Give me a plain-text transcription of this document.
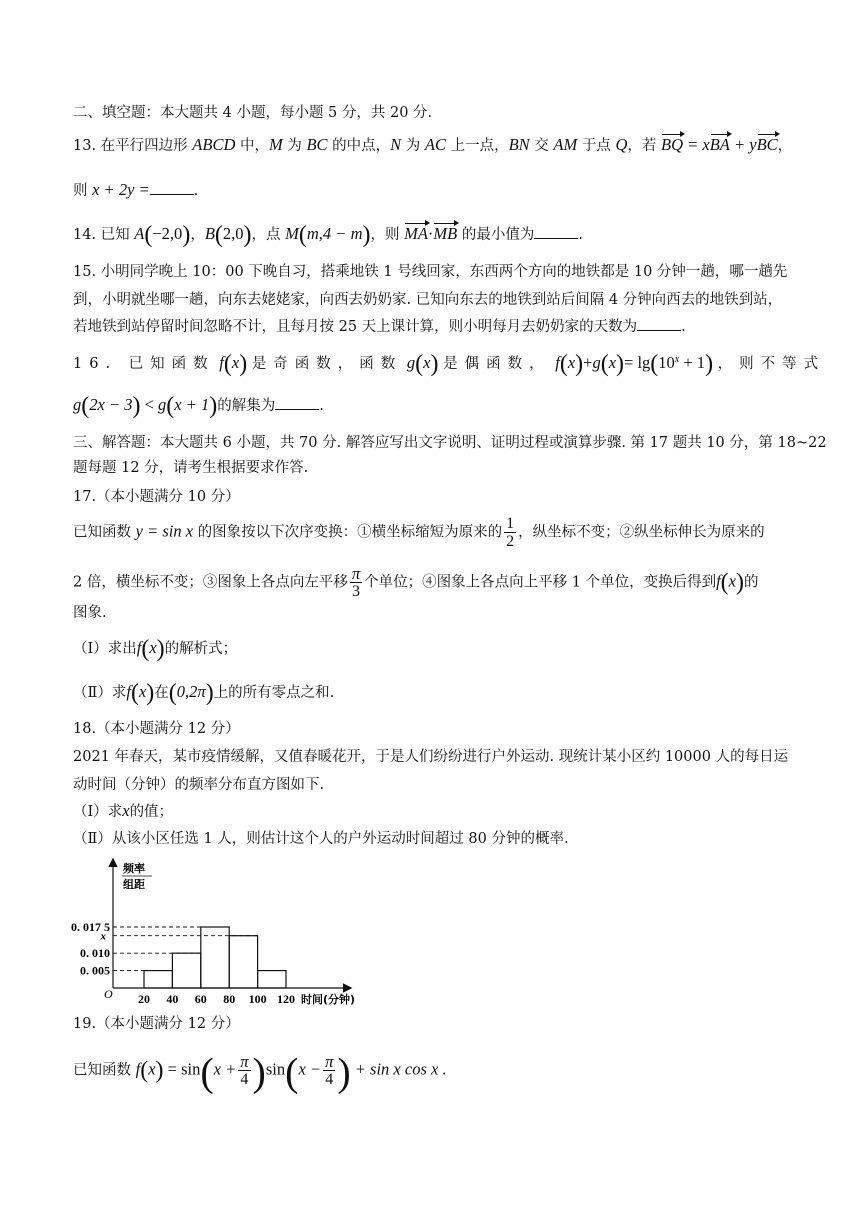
二、填空题：本大题共 4 小题，每小题 5 分，共 20 分.
13. 在平行四边形 ABCD 中，M 为 BC 的中点，N 为 AC 上一点，BN 交 AM 于点 Q，若 BQ = xBA + yBC，
则 x + 2y =	.
14. 已知 A(−2,0)，B(2,0)，点 M(m,4 − m)，则 MA·MB 的最小值为	.
15. 小明同学晚上 10：00 下晚自习，搭乘地铁 1 号线回家，东西两个方向的地铁都是 10 分钟一趟，哪一趟先
到，小明就坐哪一趟，向东去姥姥家，向西去奶奶家. 已知向东去的地铁到站后间隔 4 分钟向西去的地铁到站，
若地铁到站停留时间忽略不计，且每月按 25 天上课计算，则小明每月去奶奶家的天数为	.
16. 已知函数 f(x) 是奇函数，函数 g(x) 是偶函数， $f(x)+g(x)= \lg(10^x + 1)$ ，则不等式
g(2x − 3) < g(x + 1)的解集为	.
三、解答题：本大题共 6 小题，共 70 分. 解答应写出文字说明、证明过程或演算步骤. 第 17 题共 10 分，第 18~22
题每题 12 分，请考生根据要求作答.
17.（本小题满分 10 分）
已知函数 y = sin x 的图象按以下次序变换：①横坐标缩短为原来的 $\frac{1}{2}$ ，纵坐标不变；②纵坐标伸长为原来的
2 倍，横坐标不变；③图象上各点向左平移 $\frac{\pi}{3}$ 个单位；④图象上各点向上平移 1 个单位，变换后得到f(x)的
图象.
（Ⅰ）求出f(x)的解析式；
（Ⅱ）求f(x)在(0,2π)上的所有零点之和.
18.（本小题满分 12 分）
2021 年春天，某市疫情缓解，又值春暖花开，于是人们纷纷进行户外运动. 现统计某小区约 10000 人的每日运
动时间（分钟）的频率分布直方图如下.
（Ⅰ）求x的值；
（Ⅱ）从该小区任选 1 人，则估计这个人的户外运动时间超过 80 分钟的概率.
频率
组距
O	时间(分钟)
20 40 60 80 100 120
0. 017 5
x
0. 010
0. 005
19.（本小题满分 12 分）
已知函数 $f(x) = \sin(x + \frac{\pi}{4} )\sin(x - \frac{\pi}{4}$ ) + sin x cos x .
